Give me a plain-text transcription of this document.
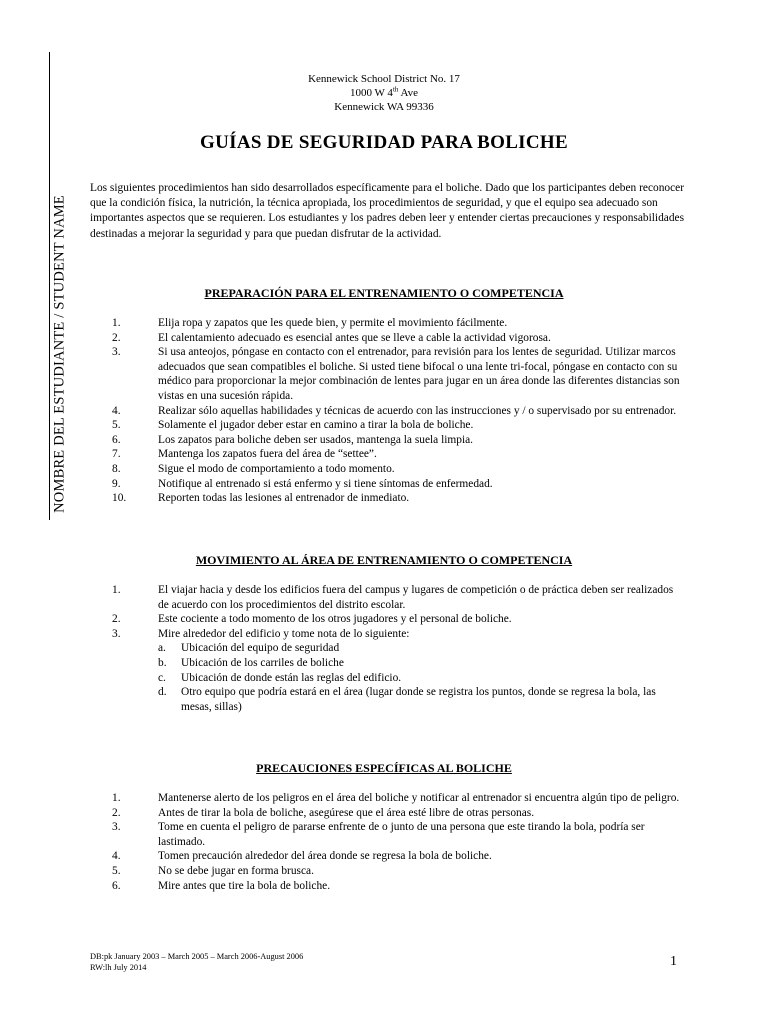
NOMBRE DEL ESTUDIANTE / STUDENT NAME
Kennewick School District No. 17
1000 W 4th Ave
Kennewick WA 99336
GUÍAS DE SEGURIDAD PARA BOLICHE
Los siguientes procedimientos han sido desarrollados específicamente para el boliche. Dado que los participantes deben reconocer que la condición física, la nutrición, la técnica apropiada, los procedimientos de seguridad, y que el equipo sea adecuado son importantes aspectos que se requieren. Los estudiantes y los padres deben leer y entender ciertas precauciones y responsabilidades destinadas a mejorar la seguridad y para que puedan disfrutar de la actividad.
PREPARACIÓN PARA EL ENTRENAMIENTO O COMPETENCIA
1.	Elija ropa y zapatos que les quede bien, y permite el movimiento fácilmente.
2.	El calentamiento adecuado es esencial antes que se lleve a cable la actividad vigorosa.
3.	Si usa anteojos, póngase en contacto con el entrenador, para revisión para los lentes de seguridad. Utilizar marcos adecuados que sean compatibles el boliche. Si usted tiene bifocal o una lente tri-focal, póngase en contacto con su médico para proporcionar la mejor combinación de lentes para jugar en un área donde las diferentes distancias son vistas en una sucesión rápida.
4.	Realizar sólo aquellas habilidades y técnicas de acuerdo con las instrucciones y / o supervisado por su entrenador.
5.	Solamente el jugador deber estar en camino a tirar la bola de boliche.
6.	Los zapatos para boliche deben ser usados, mantenga la suela limpia.
7.	Mantenga los zapatos fuera del área de “settee”.
8.	Sigue el modo de comportamiento a todo momento.
9.	Notifique al entrenado si está enfermo y si tiene síntomas de enfermedad.
10.	Reporten todas las lesiones al entrenador de inmediato.
MOVIMIENTO AL ÁREA DE ENTRENAMIENTO O COMPETENCIA
1.	El viajar hacia y desde los edificios fuera del campus y lugares de competición o de práctica deben ser realizados de acuerdo con los procedimientos del distrito escolar.
2.	Este cociente a todo momento de los otros jugadores y el personal de boliche.
3.	Mire alrededor del edificio y tome nota de lo siguiente:
a.	Ubicación del equipo de seguridad
b.	Ubicación de los carriles de boliche
c.	Ubicación de donde están las reglas del edificio.
d.	Otro equipo que podría estará en el área (lugar donde se registra los puntos, donde se regresa la bola, las mesas, sillas)
PRECAUCIONES ESPECÍFICAS AL BOLICHE
1.	Mantenerse alerto de los peligros en el área del boliche y notificar al entrenador si encuentra algún tipo de peligro.
2.	Antes de tirar la bola de boliche, asegúrese que el área esté libre de otras personas.
3.	Tome en cuenta el peligro de pararse enfrente de o junto de una persona que este tirando la bola, podría ser lastimado.
4.	Tomen precaución alrededor del área donde se regresa la bola de boliche.
5.	No se debe jugar en forma brusca.
6.	Mire antes que tire la bola de boliche.
DB:pk January 2003 – March 2005 – March 2006-August 2006
RW:lh July 2014	1
